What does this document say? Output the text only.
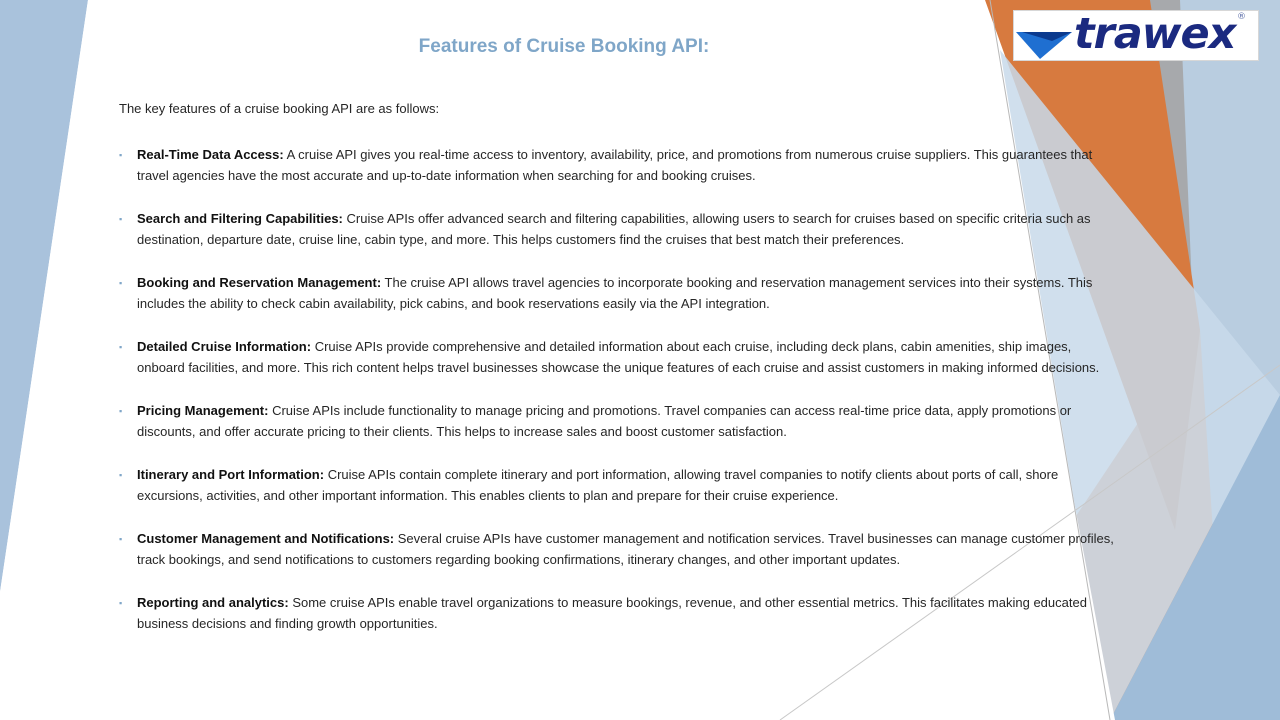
trawex ®
Features of Cruise Booking API:

The key features of a cruise booking API are as follows:

▪ Real-Time Data Access: A cruise API gives you real-time access to inventory, availability, price, and promotions from numerous cruise suppliers. This guarantees that travel agencies have the most accurate and up-to-date information when searching for and booking cruises.
▪ Search and Filtering Capabilities: Cruise APIs offer advanced search and filtering capabilities, allowing users to search for cruises based on specific criteria such as destination, departure date, cruise line, cabin type, and more. This helps customers find the cruises that best match their preferences.
▪ Booking and Reservation Management: The cruise API allows travel agencies to incorporate booking and reservation management services into their systems. This includes the ability to check cabin availability, pick cabins, and book reservations easily via the API integration.
▪ Detailed Cruise Information: Cruise APIs provide comprehensive and detailed information about each cruise, including deck plans, cabin amenities, ship images, onboard facilities, and more. This rich content helps travel businesses showcase the unique features of each cruise and assist customers in making informed decisions.
▪ Pricing Management: Cruise APIs include functionality to manage pricing and promotions. Travel companies can access real-time price data, apply promotions or discounts, and offer accurate pricing to their clients. This helps to increase sales and boost customer satisfaction.
▪ Itinerary and Port Information: Cruise APIs contain complete itinerary and port information, allowing travel companies to notify clients about ports of call, shore excursions, activities, and other important information. This enables clients to plan and prepare for their cruise experience.
▪ Customer Management and Notifications: Several cruise APIs have customer management and notification services. Travel businesses can manage customer profiles, track bookings, and send notifications to customers regarding booking confirmations, itinerary changes, and other important updates.
▪ Reporting and analytics: Some cruise APIs enable travel organizations to measure bookings, revenue, and other essential metrics. This facilitates making educated business decisions and finding growth opportunities.
